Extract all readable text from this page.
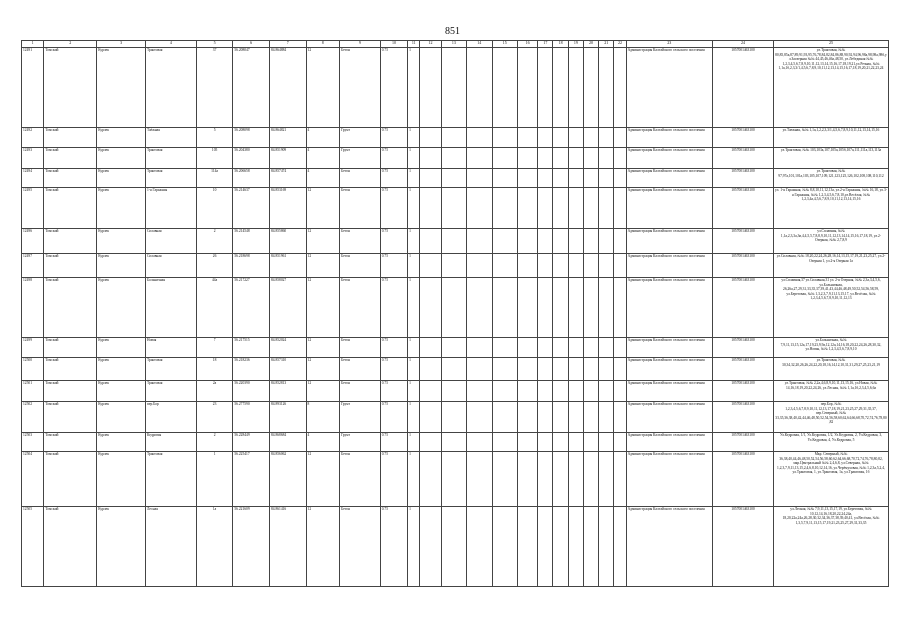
851
1	2	3	4	5	6	7	8	9	10	11	12	13	14	15	16	17	18	19	20	21	22	23	24	25
12491	Томский	Курлек	Трактовая	37	56.208047	84.864884	12	Бетон	0.75	1												Администрация Калтайского сельского поселения	1057001463100	ул.Трактовая, №№ 80,85,85а,87,89,91,93,95,76,78,84,82,84,86,88,90,92,94,96,98а,98,98а,98б,ул.Заозерная №№ 44,45,46,46а,48,50, ул.Лебединая №№ 1,2,3,4,5,6,7,8,9,10,11,12,13,14,15,16,17,18,19,21,ул.Речная, №№ 1,1а,1б,2,3,3/1,4,5,6,7,8,9,10,11,12,13,14,15,16,17,18,19,20,21,22,23,24
12492	Томский	Курлек	Таёжная	5	56.208098	84.864821	4	Грунт	0.75	1												Администрация Калтайского сельского поселения	1057001463100	ул.Таежная, №№ 1,1а,1,2,2,3,3/1,4,5,6,7,8,9,10,11,12,13,14,15,16
12493	Томский	Курлек	Трактовая	105	56.204380	84.851909	4	Грунт	0.75	1												Администрация Калтайского сельского поселения	1057001463100	ул.Трактовая, №№ 103,103а,107,105а,105б,107а,111,111а,113,113а
12494	Томский	Курлек	Трактовая	114а	56.206658	84.857474	4	Бетон	0.75	1												Администрация Калтайского сельского поселения	1057001463100	ул.Трактовая, №№ 97,97а,101,101а,103,105,107,109,121,123,125,126,102,108,108,110,112
12495	Томский	Курлек	1-я Гаражная	10	56.214637	84.853169	12	Бетон	0.75	1												Администрация Калтайского сельского поселения	1057001463100	ул. 1-я Гаражная, №№ 8,8,10,11,12,13а, ул.2-я Гаражная, №№ 16,18, ул.3-я Гаражная, №№ 1,2,3,4,5,6,7,8,10,ул.Весёлая, №№ 1,2,3,4а,4,5,6,7,8,9,10,11,12,13,14,15,16
12496	Томский	Курлек	Сплавная	2	56.214548	84.855860	12	Бетон	0.75	1												Администрация Калтайского сельского поселения	1057001463100	ул.Сплавная, №№ 1,1а,2,3,3а,3в,4,4,5,5,7,8,8,9,10,11,12,13,14,14,15,16,17,18,19, ул.2-Озерная, №№ 2,7,8,9
12497	Томский	Курлек	Сплавная	26	56.218698	84.851961	12	Бетон	0.75	1												Администрация Калтайского сельского поселения	1057001463100	ул.Сплавная, №№ 18,20,22,24,26,28,16,14,13,15,17,19,21,23,25,27, ул.2-Озерная 1, ул.2-я Озерная 1а
12498	Томский	Курлек	Больничная	44а	56.217227	84.858027	12	Бетон	0.75	1												Администрация Калтайского сельского поселения	1057001463100	ул.Сплавная,37 ул.Сплавная,31 ул. 2-я Озерная, №№ 2,3а,3,4,5,6, ул.Больничная, 26,26а,27,29,31,33,35,37,39,41,43,44,46,48,49,50,52,54,56,58,59, ул.Береговая, №№ 1,3,2,3,7,9,11,13,15,17, ул.Весёлая, №№ 1,2,3,4,5,6,7,8,9,10,11,12,13
12499	Томский	Курлек	Новая	7	56.217515	84.852024	12	Бетон	0.75	1												Администрация Калтайского сельского поселения	1057001463100	ул.Больничная, №№ 7,9,11,13,15,12а,17,19,23,9,9а,12,12а,14,16,18,20,22,24,26,28,30,32, ул.Новая, №№ 1,2,3,4,5,6,7,8,9,10
12500	Томский	Курлек	Трактовая	18	56.218236	84.857310	12	Бетон	0.75	1												Администрация Калтайского сельского поселения	1057001463100	ул.Трактовая, №№ 30,34,32,20,26,26,24,22,20,18,16,14,12,10,31,31,29,27,25,23,21,19
12501	Томский	Курлек	Трактовая	2а	56.220390	84.852813	12	Бетон	0.75	1												Администрация Калтайского сельского поселения	1057001463100	ул.Трактовая, №№ 2,2а,4,6,8,9,10,11,13,15,16, ул.Новая, №№ 14,16,18,19,20,22,24,26, ул.Лесная, №№ 1,1а,1б,2,3,4,5,6,6а
12502	Томский	Курлек	пер.Бор	23	56.277590	84.893126	8	Грунт	0.75	1												Администрация Калтайского сельского поселения	1057001463100	пер.Бор, №№ 1,2,3,4,5,6,7,8,9,10,11,12,13,17,18,19,21,23,25,27,29,31,35,37, пер.Северный, №№ 33,35,36,38,40,42,44,46,48,50,52,54,56,58,60,62,64,66,68,70,72,74,76,78,80,82
12503	Томский	Курлек	Кедровая	2	56.228449	84.868684	4	Грунт	0.75	1												Администрация Калтайского сельского поселения	1057001463100	Ул.Кедровая, 1/1, Ул.Кедровая, 1/2, Ул.Кедровая, 2, Ул.Кедровая, 3, Ул.Кедровая, 4, Ул.Кедровая, 5
12504	Томский	Курлек	Трактовая	1	56.225417	84.856062	12	Бетон	0.75	1												Администрация Калтайского сельского поселения	1057001463100	Мкр. Северный, №№ 36,38,40,44,46,48,50,52,54,56,58,60,62,64,66,68,70,72,74,76,78,80,82, мкр.Центральный №№ 2,4,6,8, ул.Северная, №№ 1,2,3,7,9,11,13,15,2,4,6,8,10,12,14,16, ул.Черёмуховая, №№ 1,2,3а,5,2,4, ул.Трактовая, 1, ул.Трактовая, 1а, ул.Трактовая, 1б
12505	Томский	Курлек	Лесная	1а	56.221609	84.861416	12	Бетон	0.75	1												Администрация Калтайского сельского поселения	1057001463100	ул.Лесная, №№ 7,9,11,13,15,17,19, ул.Береговая, №№ 10,12,14,16,18,20,22,24,24а, 18,20,22а,24а,26,28,30,32,34,36,37,38,39,40,41, ул.Весёлая, №№ 1,3,5,7,9,11,13,15,17,19,21,23,25,27,29,31,33,35
